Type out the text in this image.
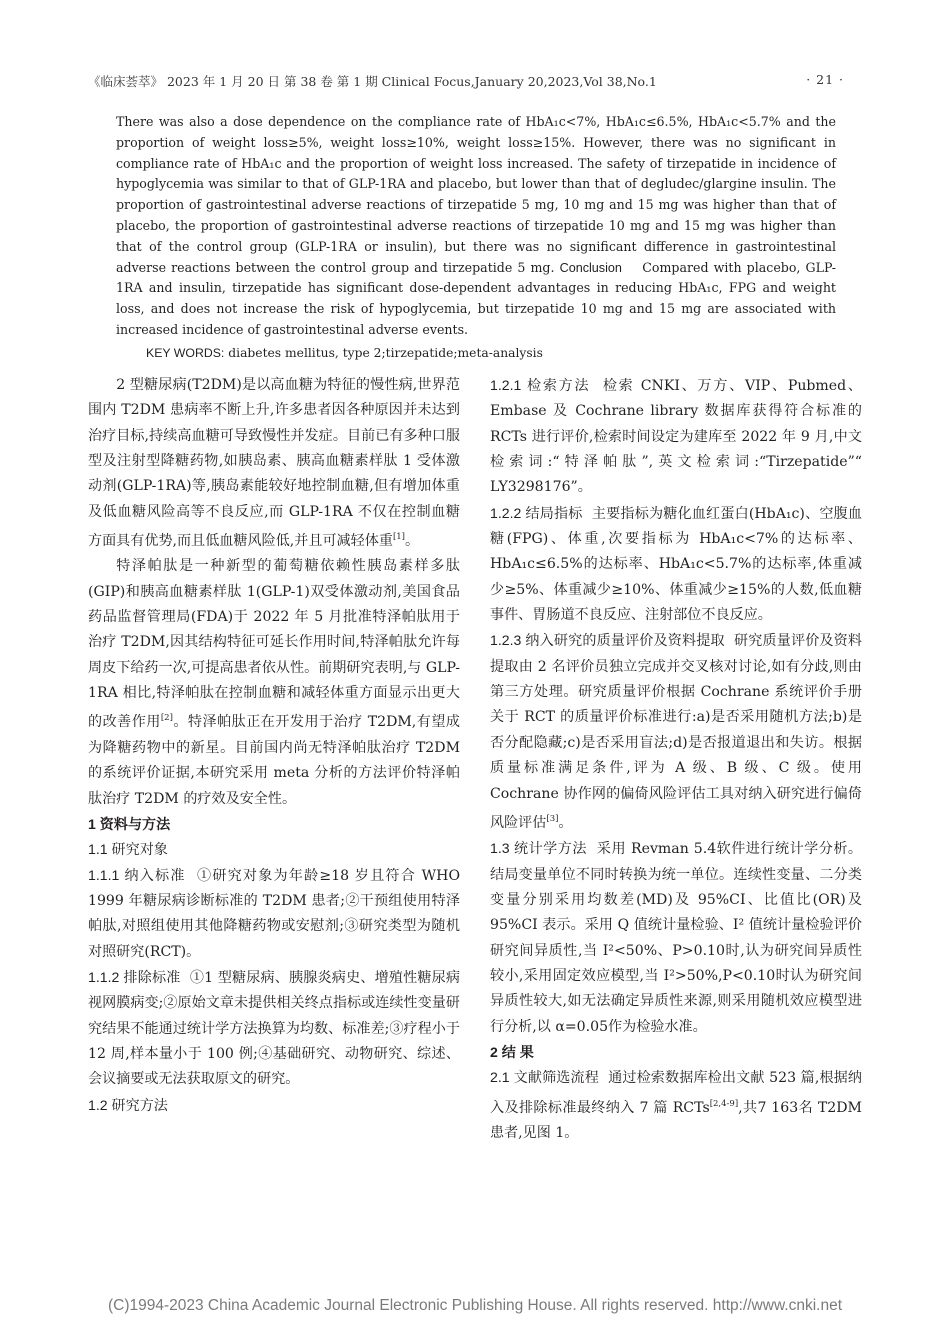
《临床荟萃》 2023 年 1 月 20 日 第 38 卷 第 1 期 Clinical Focus,January 20,2023,Vol 38,No.1	· 21 ·
There was also a dose dependence on the compliance rate of HbA₁c<7%, HbA₁c≤6.5%, HbA₁c<5.7% and the proportion of weight loss≥5%, weight loss≥10%, weight loss≥15%. However, there was no significant in compliance rate of HbA₁c and the proportion of weight loss increased. The safety of tirzepatide in incidence of hypoglycemia was similar to that of GLP-1RA and placebo, but lower than that of degludec/glargine insulin. The proportion of gastrointestinal adverse reactions of tirzepatide 5 mg, 10 mg and 15 mg was higher than that of placebo, the proportion of gastrointestinal adverse reactions of tirzepatide 10 mg and 15 mg was higher than that of the control group (GLP-1RA or insulin), but there was no significant difference in gastrointestinal adverse reactions between the control group and tirzepatide 5 mg. Conclusion Compared with placebo, GLP-1RA and insulin, tirzepatide has significant dose-dependent advantages in reducing HbA₁c, FPG and weight loss, and does not increase the risk of hypoglycemia, but tirzepatide 10 mg and 15 mg are associated with increased incidence of gastrointestinal adverse events.
KEY WORDS: diabetes mellitus, type 2;tirzepatide;meta-analysis

2 型糖尿病(T2DM)是以高血糖为特征的慢性病,世界范围内 T2DM 患病率不断上升,许多患者因各种原因并未达到治疗目标,持续高血糖可导致慢性并发症。目前已有多种口服型及注射型降糖药物,如胰岛素、胰高血糖素样肽 1 受体激动剂(GLP-1RA)等,胰岛素能较好地控制血糖,但有增加体重及低血糖风险高等不良反应,而 GLP-1RA 不仅在控制血糖方面具有优势,而且低血糖风险低,并且可减轻体重[1]。

特泽帕肽是一种新型的葡萄糖依赖性胰岛素样多肽(GIP)和胰高血糖素样肽 1(GLP-1)双受体激动剂,美国食品药品监督管理局(FDA)于 2022 年 5 月批准特泽帕肽用于治疗 T2DM,因其结构特征可延长作用时间,特泽帕肽允许每周皮下给药一次,可提高患者依从性。前期研究表明,与 GLP-1RA 相比,特泽帕肽在控制血糖和减轻体重方面显示出更大的改善作用[2]。特泽帕肽正在开发用于治疗 T2DM,有望成为降糖药物中的新星。目前国内尚无特泽帕肽治疗 T2DM 的系统评价证据,本研究采用 meta 分析的方法评价特泽帕肽治疗 T2DM 的疗效及安全性。

1 资料与方法

1.1 研究对象

1.1.1 纳入标准 ①研究对象为年龄≥18 岁且符合 WHO 1999 年糖尿病诊断标准的 T2DM 患者;②干预组使用特泽帕肽,对照组使用其他降糖药物或安慰剂;③研究类型为随机对照研究(RCT)。

1.1.2 排除标准 ①1 型糖尿病、胰腺炎病史、增殖性糖尿病视网膜病变;②原始文章未提供相关终点指标或连续性变量研究结果不能通过统计学方法换算为均数、标准差;③疗程小于 12 周,样本量小于 100 例;④基础研究、动物研究、综述、会议摘要或无法获取原文的研究。

1.2 研究方法

1.2.1 检索方法 检索 CNKI、万方、VIP、Pubmed、Embase 及 Cochrane library 数据库获得符合标准的 RCTs 进行评价,检索时间设定为建库至 2022 年 9 月,中文检索词:“特泽帕肽”,英文检索词:“Tirzepatide”“ LY3298176”。

1.2.2 结局指标 主要指标为糖化血红蛋白(HbA₁c)、空腹血糖(FPG)、体重,次要指标为 HbA₁c<7%的达标率、HbA₁c≤6.5%的达标率、HbA₁c<5.7%的达标率,体重减少≥5%、体重减少≥10%、体重减少≥15%的人数,低血糖事件、胃肠道不良反应、注射部位不良反应。

1.2.3 纳入研究的质量评价及资料提取 研究质量评价及资料提取由 2 名评价员独立完成并交叉核对讨论,如有分歧,则由第三方处理。研究质量评价根据 Cochrane 系统评价手册关于 RCT 的质量评价标准进行:a)是否采用随机方法;b)是否分配隐藏;c)是否采用盲法;d)是否报道退出和失访。根据质量标准满足条件,评为 A 级、B 级、C 级。使用 Cochrane 协作网的偏倚风险评估工具对纳入研究进行偏倚风险评估[3]。

1.3 统计学方法 采用 Revman 5.4软件进行统计学分析。结局变量单位不同时转换为统一单位。连续性变量、二分类变量分别采用均数差(MD)及 95%CI、比值比(OR)及 95%CI 表示。采用 Q 值统计量检验、I² 值统计量检验评价研究间异质性,当 I²<50%、P>0.10时,认为研究间异质性较小,采用固定效应模型,当 I²>50%,P<0.10时认为研究间异质性较大,如无法确定异质性来源,则采用随机效应模型进行分析,以 α=0.05作为检验水准。

2 结 果

2.1 文献筛选流程 通过检索数据库检出文献 523 篇,根据纳入及排除标准最终纳入 7 篇 RCTs[2,4-9],共7 163名 T2DM 患者,见图 1。

(C)1994-2023 China Academic Journal Electronic Publishing House. All rights reserved. http://www.cnki.net
